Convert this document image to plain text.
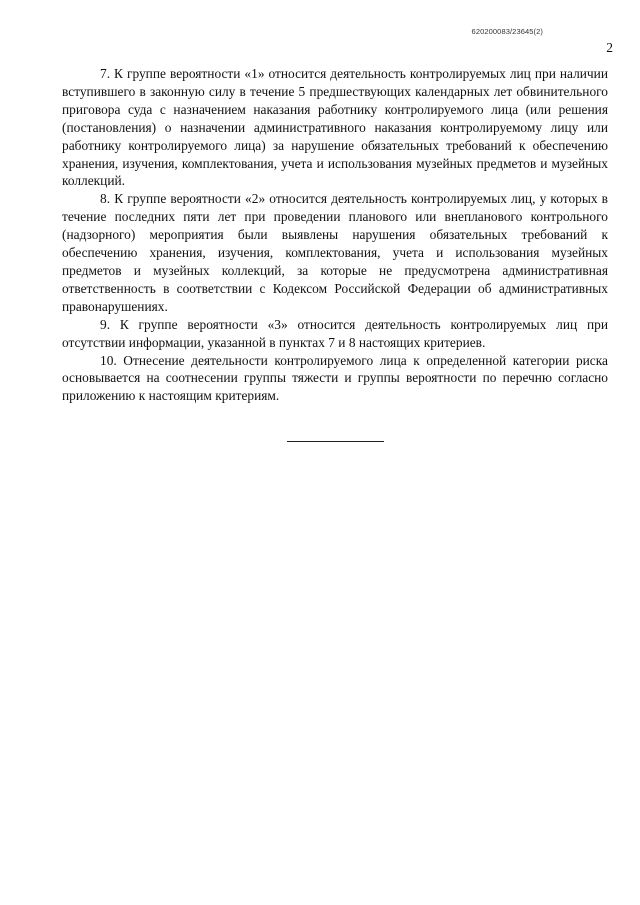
620200083/23645(2)
2

7. К группе вероятности «1» относится деятельность контролируемых лиц при наличии вступившего в законную силу в течение 5 предшествующих календарных лет обвинительного приговора суда с назначением наказания работнику контролируемого лица (или решения (постановления) о назначении административного наказания контролируемому лицу или работнику контролируемого лица) за нарушение обязательных требований к обеспечению хранения, изучения, комплектования, учета и использования музейных предметов и музейных коллекций.

8. К группе вероятности «2» относится деятельность контролируемых лиц, у которых в течение последних пяти лет при проведении планового или внепланового контрольного (надзорного) мероприятия были выявлены нарушения обязательных требований к обеспечению хранения, изучения, комплектования, учета и использования музейных предметов и музейных коллекций, за которые не предусмотрена административная ответственность в соответствии с Кодексом Российской Федерации об административных правонарушениях.

9. К группе вероятности «3» относится деятельность контролируемых лиц при отсутствии информации, указанной в пунктах 7 и 8 настоящих критериев.

10. Отнесение деятельности контролируемого лица к определенной категории риска основывается на соотнесении группы тяжести и группы вероятности по перечню согласно приложению к настоящим критериям.
